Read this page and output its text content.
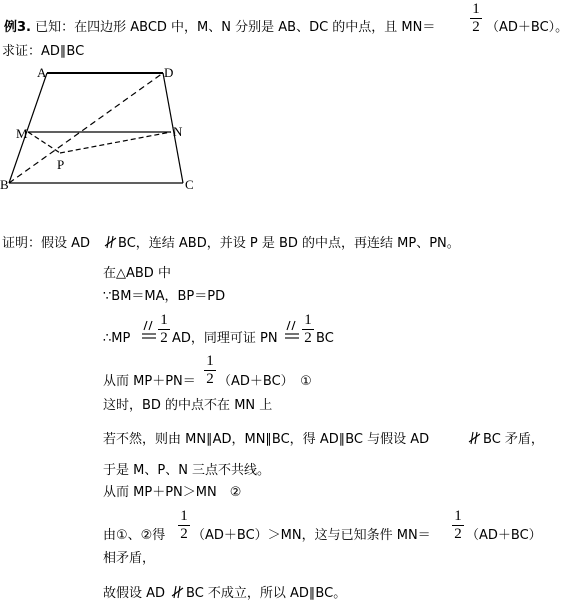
例3. 已知：在四边形 ABCD 中，M、N 分别是 AB、DC 的中点，且 MN＝
1
2 （AD＋BC）。
求证：AD∥BC
A	D
M	N
P
B	C
证明：假设 AD BC，连结 ABD，并设 P 是 BD 的中点，再连结 MP、PN。
在△ABD 中
∵BM＝MA，BP＝PD
∴MP
1
2 AD，同理可证 PN
1
2 BC
从而 MP＋PN＝
1
2 （AD＋BC）　①
这时，BD 的中点不在 MN 上
若不然，则由 MN∥AD，MN∥BC，得 AD∥BC 与假设 AD	BC 矛盾，
于是 M、P、N 三点不共线。
从而 MP＋PN＞MN　②
由①、②得
1
2 （AD＋BC）＞MN，这与已知条件 MN＝
1
2 （AD＋BC）
相矛盾，
故假设 AD BC 不成立，所以 AD∥BC。
